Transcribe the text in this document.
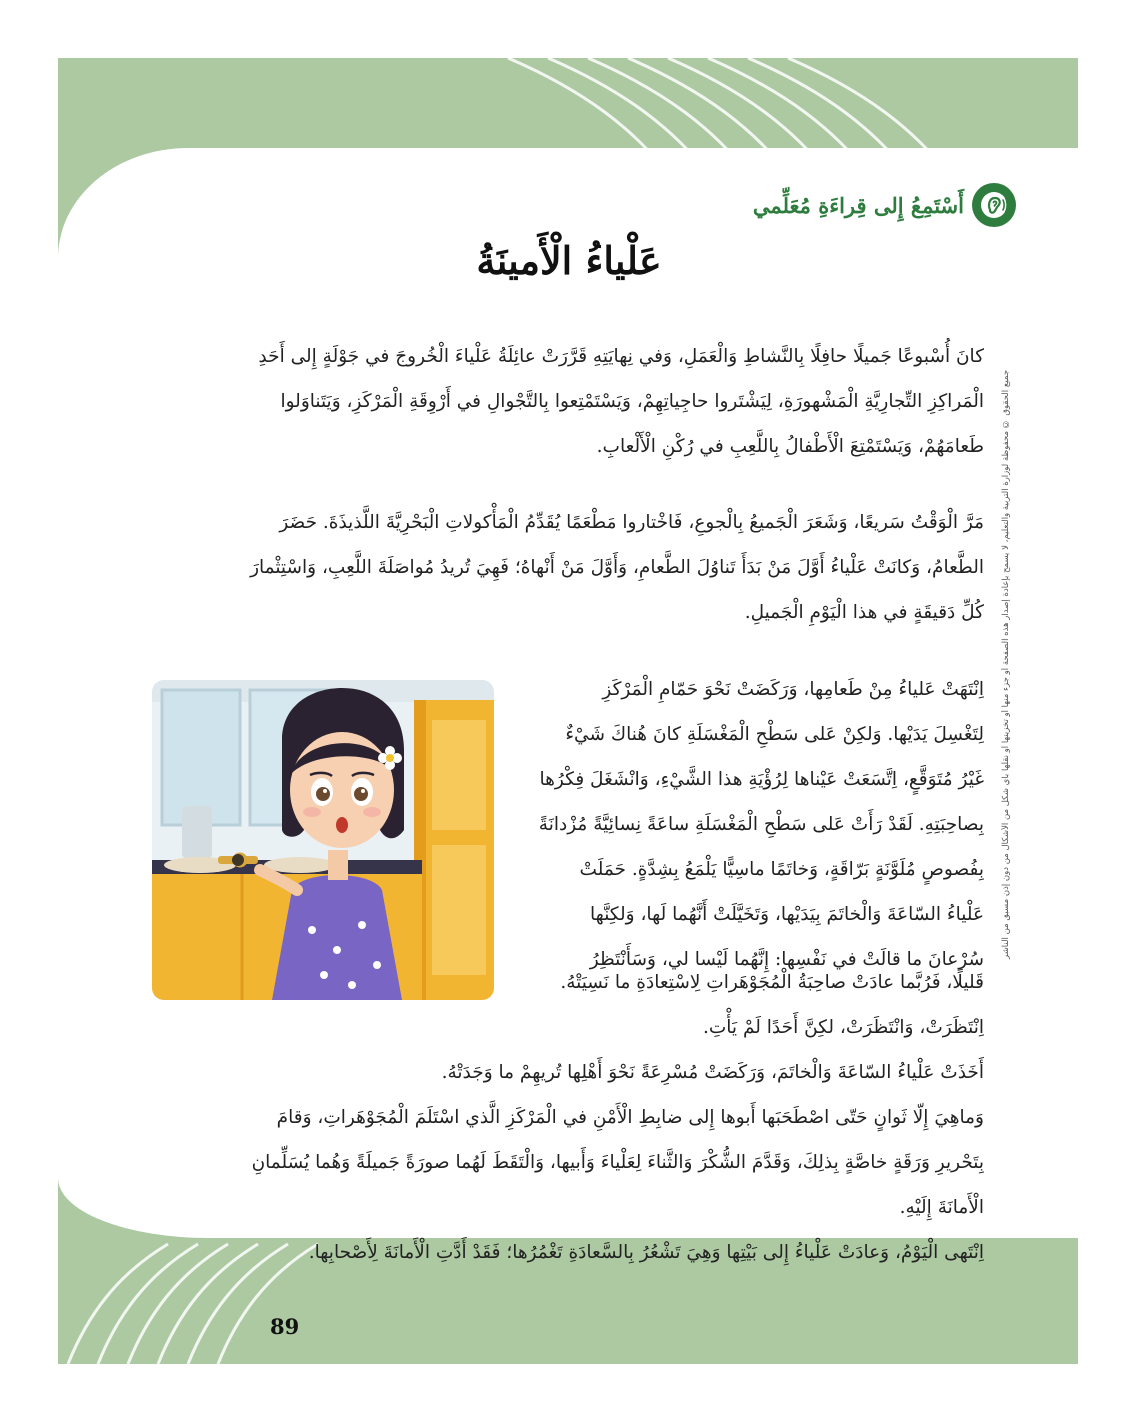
أَسْتَمِعُ إِلى قِراءَةِ مُعَلِّمي
عَلْياءُ الْأَمينَةُ
كانَ أُسْبوعًا جَميلًا حافِلًا بِالنَّشاطِ وَالْعَمَلِ، وَفي نِهايَتِهِ قَرَّرَتْ عائِلَةُ عَلْياءَ الْخُروجَ في جَوْلَةٍ إِلى أَحَدِ
الْمَراكِزِ التِّجارِيَّةِ الْمَشْهورَةِ، لِيَشْتَروا حاجِياتِهِمْ، وَيَسْتَمْتِعوا بِالتَّجْوالِ في أَرْوِقَةِ الْمَرْكَزِ، وَيَتَناوَلوا
طَعامَهُمْ، وَيَسْتَمْتِعَ الْأَطْفالُ بِاللَّعِبِ في رُكْنِ الْأَلْعابِ.
مَرَّ الْوَقْتُ سَريعًا، وَشَعَرَ الْجَميعُ بِالْجوعِ، فَاخْتاروا مَطْعَمًا يُقَدِّمُ الْمَأْكولاتِ الْبَحْرِيَّةَ اللَّذيذَةَ. حَضَرَ
الطَّعامُ، وَكانَتْ عَلْياءُ أَوَّلَ مَنْ بَدَأَ تَناوُلَ الطَّعامِ، وَأَوَّلَ مَنْ أَنْهاهُ؛ فَهِيَ تُريدُ مُواصَلَةَ اللَّعِبِ، وَاسْتِثْمارَ
كُلِّ دَقيقَةٍ في هذا الْيَوْمِ الْجَميلِ.
اِنْتَهَتْ عَلياءُ مِنْ طَعامِها، وَرَكَضَتْ نَحْوَ حَمّامِ الْمَرْكَزِ
لِتَغْسِلَ يَدَيْها. وَلكِنْ عَلى سَطْحِ الْمَغْسَلَةِ كانَ هُناكَ شَيْءٌ
غَيْرُ مُتَوَقَّعٍ، اِتَّسَعَتْ عَيْناها لِرُؤْيَةِ هذا الشَّيْءِ، وَانْشَغَلَ فِكْرُها
بِصاحِبَتِهِ. لَقَدْ رَأَتْ عَلى سَطْحِ الْمَغْسَلَةِ ساعَةً نِسائِيَّةً مُزْدانَةً
بِفُصوصٍ مُلَوَّنَةٍ بَرّاقَةٍ، وَخاتَمًا ماسِيًّا يَلْمَعُ بِشِدَّةٍ. حَمَلَتْ
عَلْياءُ السّاعَةَ وَالْخاتَمَ بِيَدَيْها، وَتَخَيَّلَتْ أَنَّهُما لَها، وَلكِنَّها
سُرْعانَ ما قالَتْ في نَفْسِها: إِنَّهُما لَيْسا لي، وَسَأَنْتَظِرُ
قَليلًا، فَرُبَّما عادَتْ صاحِبَةُ الْمُجَوْهَراتِ لِاسْتِعادَةِ ما نَسِيَتْهُ.
اِنْتَظَرَتْ، وَانْتَظَرَتْ، لكِنَّ أَحَدًا لَمْ يَأْتِ.
أَخَذَتْ عَلْياءُ السّاعَةَ وَالْخاتَمَ، وَرَكَضَتْ مُسْرِعَةً نَحْوَ أَهْلِها تُريهِمْ ما وَجَدَتْهُ.
وَماهِيَ إِلّا ثَوانٍ حَتّى اصْطَحَبَها أَبوها إِلى ضابِطِ الْأَمْنِ في الْمَرْكَزِ الَّذي اسْتَلَمَ الْمُجَوْهَراتِ، وَقامَ
بِتَحْريرِ وَرَقَةٍ خاصَّةٍ بِذلِكَ، وَقَدَّمَ الشُّكْرَ وَالثَّناءَ لِعَلْياءَ وَأَبيها، وَالْتَقَطَ لَهُما صورَةً جَميلَةً وَهُما يُسَلِّمانِ
الْأَمانَةَ إِلَيْهِ.
اِنْتَهى الْيَوْمُ، وَعادَتْ عَلْياءُ إِلى بَيْتِها وَهِيَ تَشْعُرُ بِالسَّعادَةِ تَغْمُرُها؛ فَقَدْ أَدَّتِ الْأَمانَةَ لِأَصْحابِها.
جميع الحقوق © محفوظة لوزارة التربية والتعليم، لا يسمح بإعادة إصدار هذه الصفحة أو جزء منها أو تخزينها أو نقلها بأي شكل من الأشكال من دون إذن مسبق من الناشر
89
